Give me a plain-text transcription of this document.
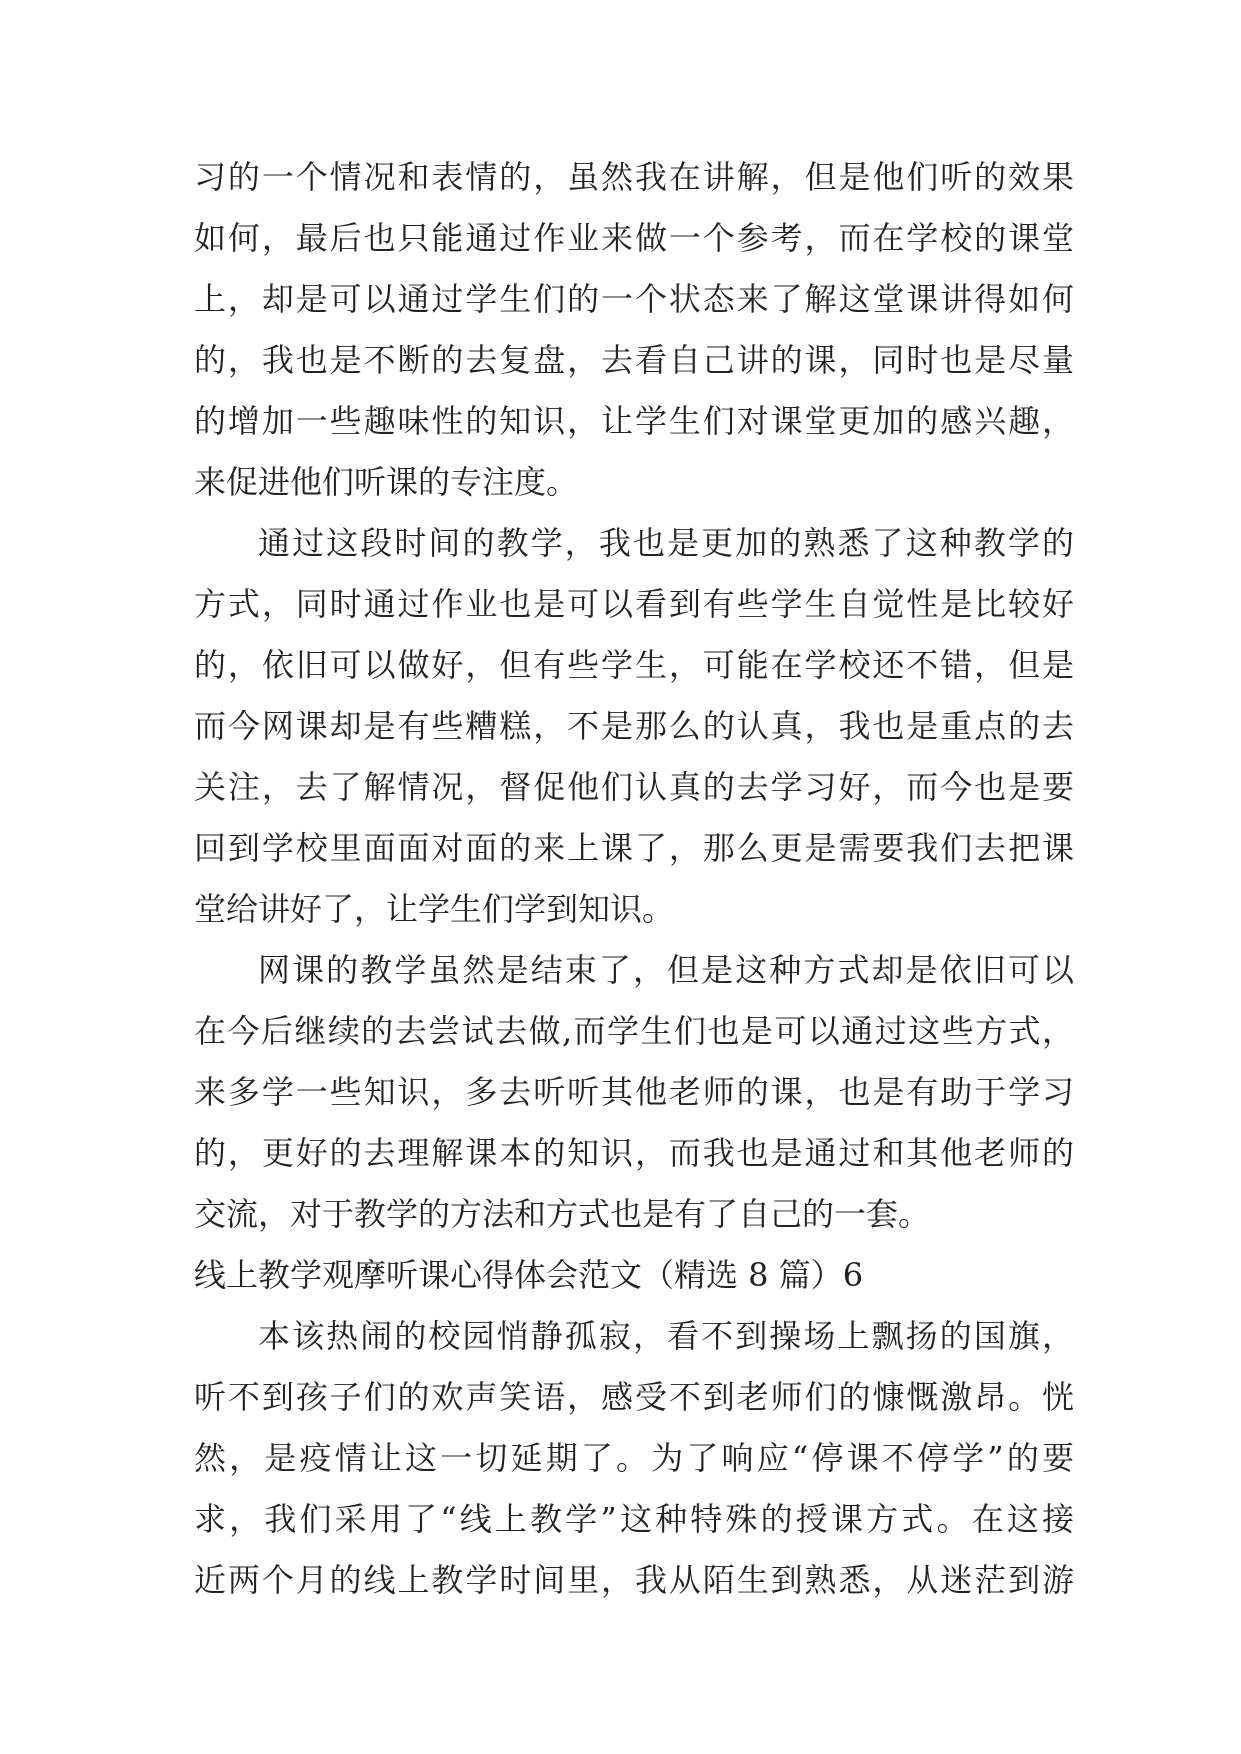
习的一个情况和表情的，虽然我在讲解，但是他们听的效果
如何，最后也只能通过作业来做一个参考，而在学校的课堂
上，却是可以通过学生们的一个状态来了解这堂课讲得如何
的，我也是不断的去复盘，去看自己讲的课，同时也是尽量
的增加一些趣味性的知识，让学生们对课堂更加的感兴趣，
来促进他们听课的专注度。
通过这段时间的教学，我也是更加的熟悉了这种教学的
方式，同时通过作业也是可以看到有些学生自觉性是比较好
的，依旧可以做好，但有些学生，可能在学校还不错，但是
而今网课却是有些糟糕，不是那么的认真，我也是重点的去
关注，去了解情况，督促他们认真的去学习好，而今也是要
回到学校里面面对面的来上课了，那么更是需要我们去把课
堂给讲好了，让学生们学到知识。
网课的教学虽然是结束了，但是这种方式却是依旧可以
在今后继续的去尝试去做,而学生们也是可以通过这些方式，
来多学一些知识，多去听听其他老师的课，也是有助于学习
的，更好的去理解课本的知识，而我也是通过和其他老师的
交流，对于教学的方法和方式也是有了自己的一套。
线上教学观摩听课心得体会范文（精选 8 篇）6
本该热闹的校园悄静孤寂，看不到操场上飘扬的国旗，
听不到孩子们的欢声笑语，感受不到老师们的慷慨激昂。恍
然，是疫情让这一切延期了。为了响应“停课不停学”的要
求，我们采用了“线上教学”这种特殊的授课方式。在这接
近两个月的线上教学时间里，我从陌生到熟悉，从迷茫到游
